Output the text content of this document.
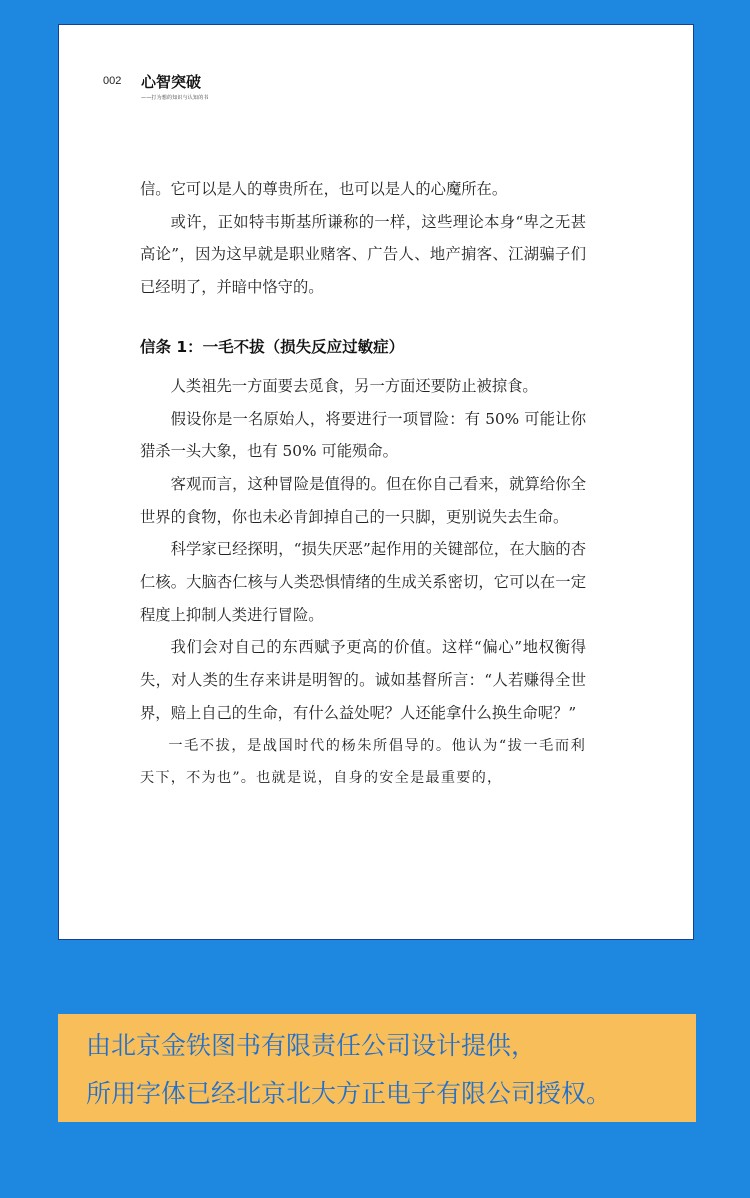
002 心智突破
——打为想的知识与认知的书

信。它可以是人的尊贵所在，也可以是人的心魔所在。

或许，正如特韦斯基所谦称的一样，这些理论本身“卑之无甚高论”，因为这早就是职业赌客、广告人、地产掮客、江湖骗子们已经明了，并暗中恪守的。

信条 1：一毛不拔（损失反应过敏症）

人类祖先一方面要去觅食，另一方面还要防止被掠食。

假设你是一名原始人，将要进行一项冒险：有 50% 可能让你猎杀一头大象，也有 50% 可能殒命。

客观而言，这种冒险是值得的。但在你自己看来，就算给你全世界的食物，你也未必肯卸掉自己的一只脚，更别说失去生命。

科学家已经探明，“损失厌恶”起作用的关键部位，在大脑的杏仁核。大脑杏仁核与人类恐惧情绪的生成关系密切，它可以在一定程度上抑制人类进行冒险。

我们会对自己的东西赋予更高的价值。这样“偏心”地权衡得失，对人类的生存来讲是明智的。诚如基督所言：“人若赚得全世界，赔上自己的生命，有什么益处呢？人还能拿什么换生命呢？”

一毛不拔，是战国时代的杨朱所倡导的。他认为“拔一毛而利天下，不为也”。也就是说，自身的安全是最重要的，

由北京金铁图书有限责任公司设计提供，
所用字体已经北京北大方正电子有限公司授权。
